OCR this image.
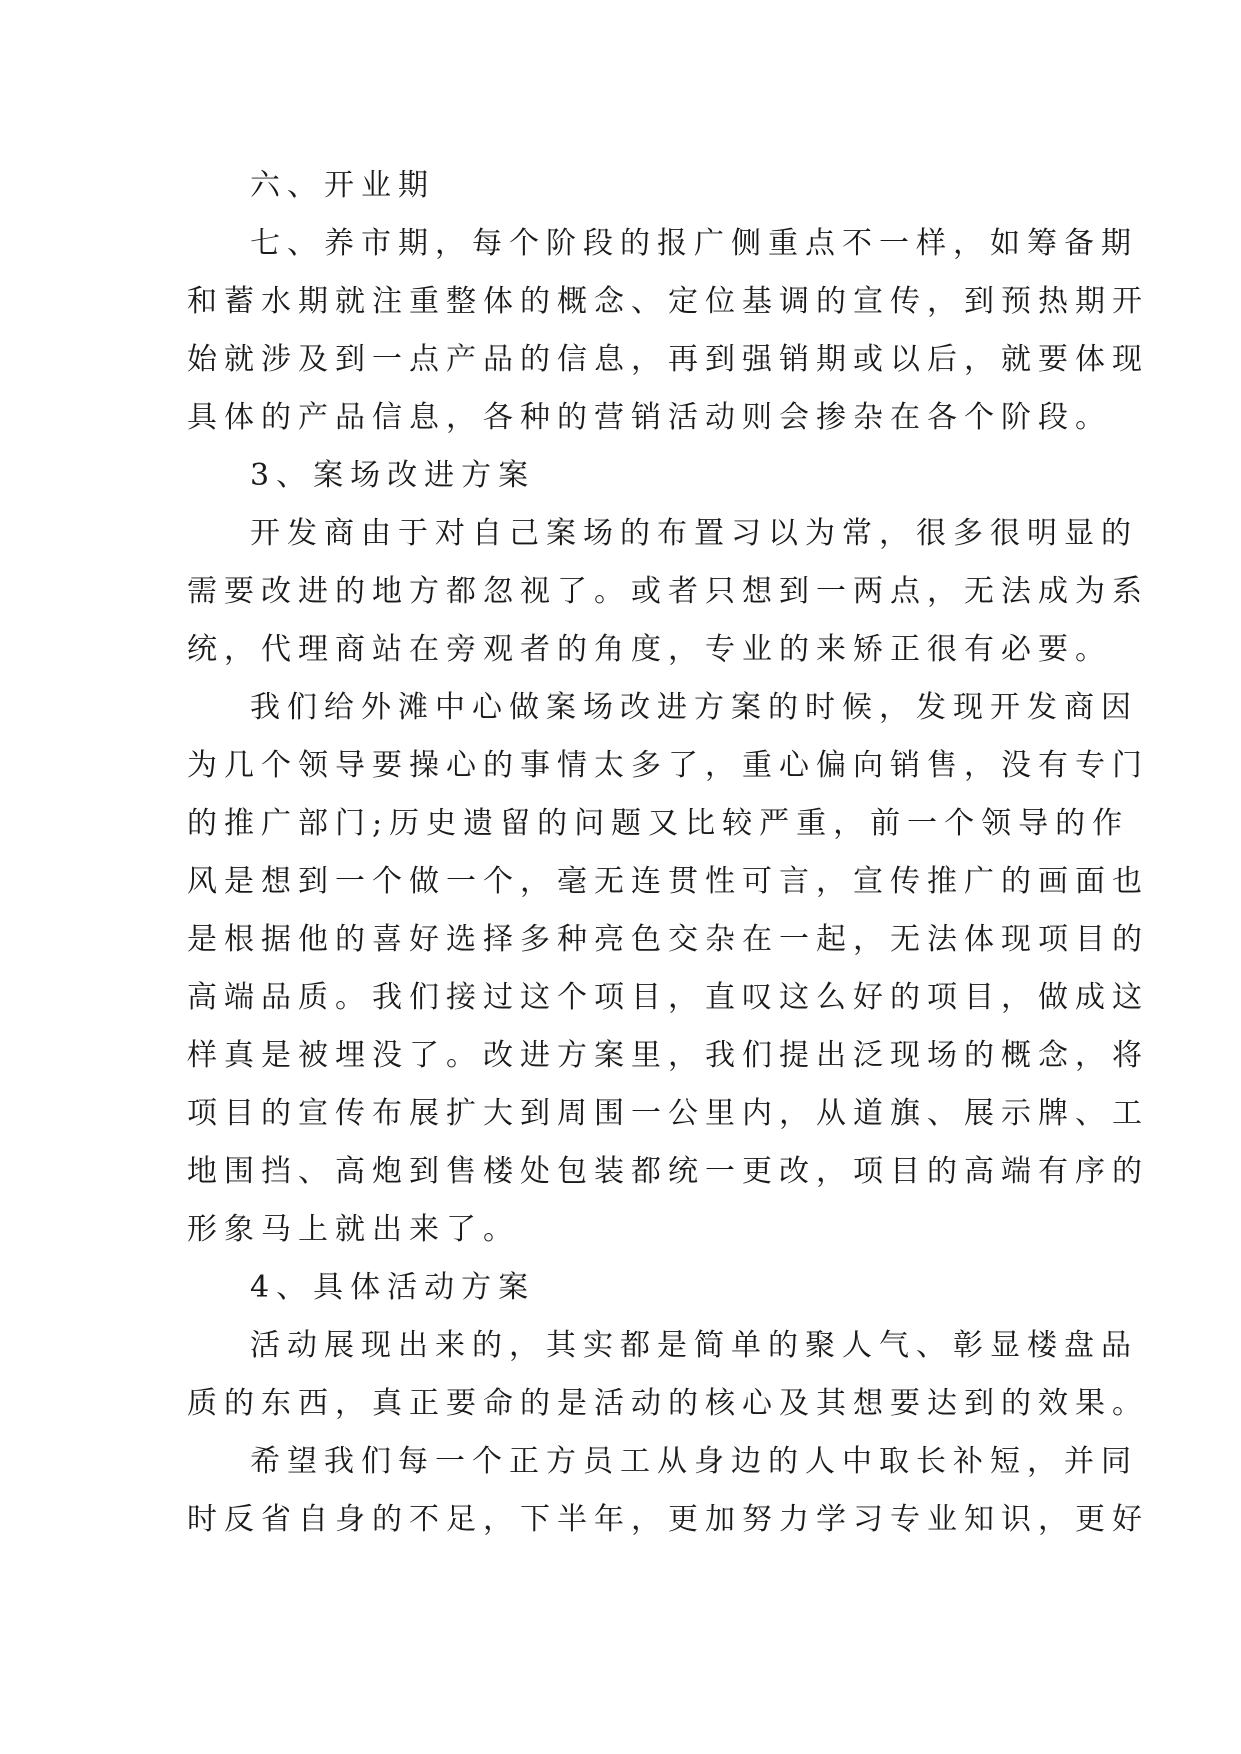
六、开业期
七、养市期，每个阶段的报广侧重点不一样，如筹备期
和蓄水期就注重整体的概念、定位基调的宣传，到预热期开
始就涉及到一点产品的信息，再到强销期或以后，就要体现
具体的产品信息，各种的营销活动则会掺杂在各个阶段。
3、案场改进方案
开发商由于对自己案场的布置习以为常，很多很明显的
需要改进的地方都忽视了。或者只想到一两点，无法成为系
统，代理商站在旁观者的角度，专业的来矫正很有必要。
我们给外滩中心做案场改进方案的时候，发现开发商因
为几个领导要操心的事情太多了，重心偏向销售，没有专门
的推广部门;历史遗留的问题又比较严重，前一个领导的作
风是想到一个做一个，毫无连贯性可言，宣传推广的画面也
是根据他的喜好选择多种亮色交杂在一起，无法体现项目的
高端品质。我们接过这个项目，直叹这么好的项目，做成这
样真是被埋没了。改进方案里，我们提出泛现场的概念，将
项目的宣传布展扩大到周围一公里内，从道旗、展示牌、工
地围挡、高炮到售楼处包装都统一更改，项目的高端有序的
形象马上就出来了。
4、具体活动方案
活动展现出来的，其实都是简单的聚人气、彰显楼盘品
质的东西，真正要命的是活动的核心及其想要达到的效果。
希望我们每一个正方员工从身边的人中取长补短，并同
时反省自身的不足，下半年，更加努力学习专业知识，更好
